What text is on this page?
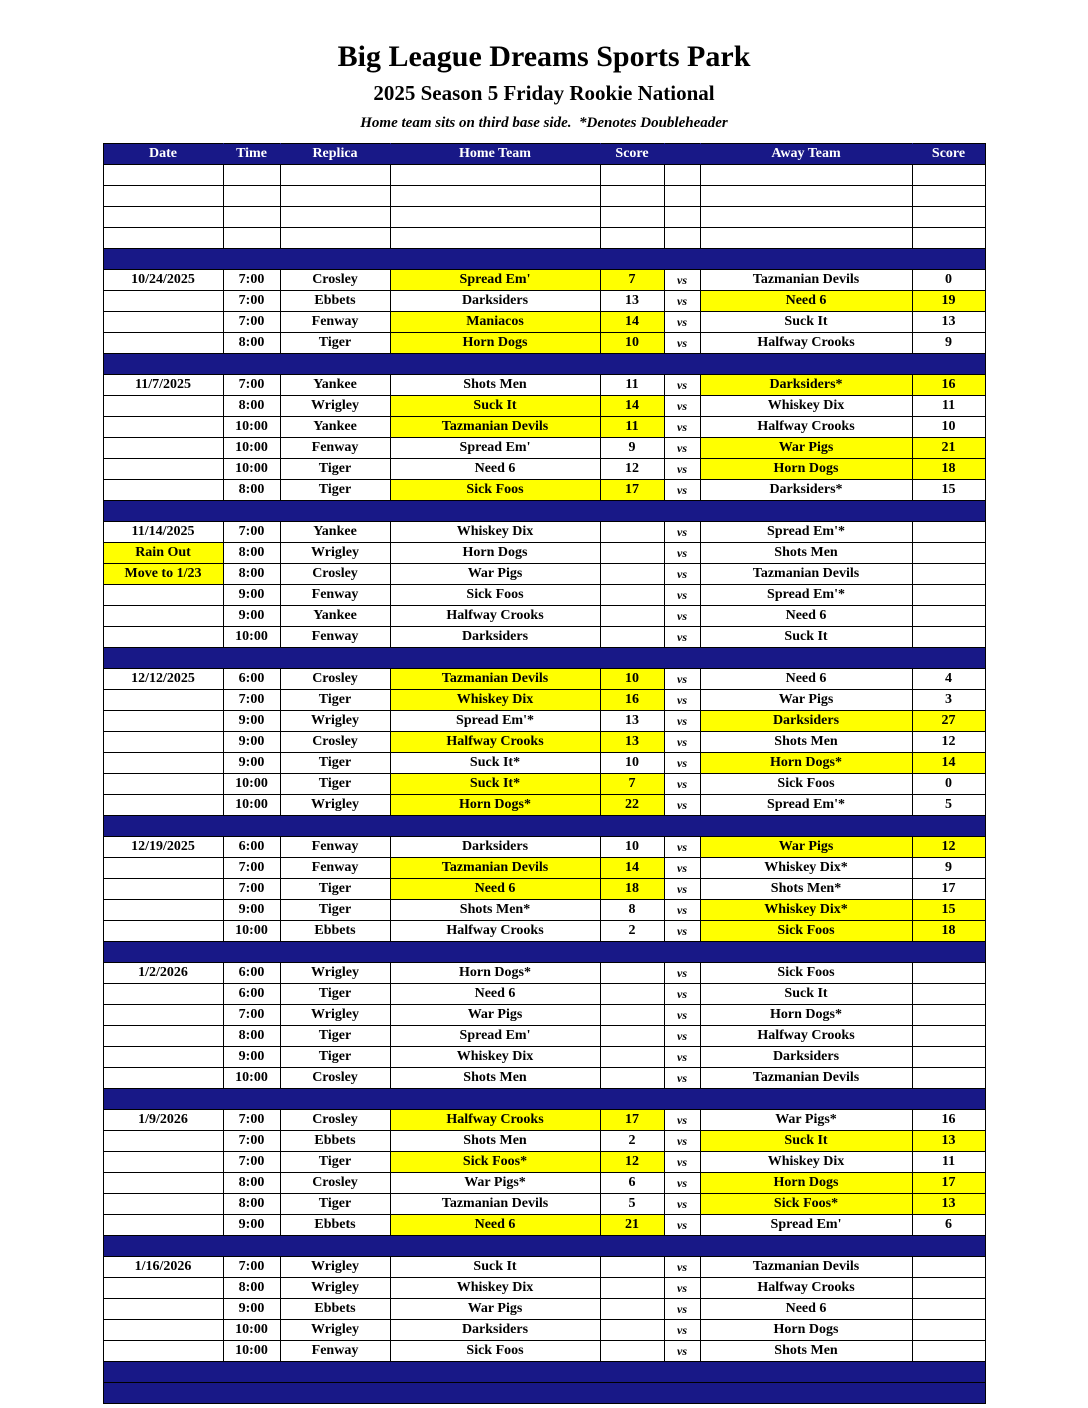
Big League Dreams Sports Park
2025 Season 5 Friday Rookie National
Home team sits on third base side.  *Denotes Doubleheader
Date	Time	Replica	Home Team	Score		Away Team	Score

10/24/2025	7:00	Crosley	Spread Em'	7	vs	Tazmanian Devils	0
	7:00	Ebbets	Darksiders	13	vs	Need 6	19
	7:00	Fenway	Maniacos	14	vs	Suck It	13
	8:00	Tiger	Horn Dogs	10	vs	Halfway Crooks	9

11/7/2025	7:00	Yankee	Shots Men	11	vs	Darksiders*	16
	8:00	Wrigley	Suck It	14	vs	Whiskey Dix	11
	10:00	Yankee	Tazmanian Devils	11	vs	Halfway Crooks	10
	10:00	Fenway	Spread Em'	9	vs	War Pigs	21
	10:00	Tiger	Need 6	12	vs	Horn Dogs	18
	8:00	Tiger	Sick Foos	17	vs	Darksiders*	15

11/14/2025	7:00	Yankee	Whiskey Dix		vs	Spread Em'*	
Rain Out	8:00	Wrigley	Horn Dogs		vs	Shots Men	
Move to 1/23	8:00	Crosley	War Pigs		vs	Tazmanian Devils	
	9:00	Fenway	Sick Foos		vs	Spread Em'*	
	9:00	Yankee	Halfway Crooks		vs	Need 6	
	10:00	Fenway	Darksiders		vs	Suck It	

12/12/2025	6:00	Crosley	Tazmanian Devils	10	vs	Need 6	4
	7:00	Tiger	Whiskey Dix	16	vs	War Pigs	3
	9:00	Wrigley	Spread Em'*	13	vs	Darksiders	27
	9:00	Crosley	Halfway Crooks	13	vs	Shots Men	12
	9:00	Tiger	Suck It*	10	vs	Horn Dogs*	14
	10:00	Tiger	Suck It*	7	vs	Sick Foos	0
	10:00	Wrigley	Horn Dogs*	22	vs	Spread Em'*	5

12/19/2025	6:00	Fenway	Darksiders	10	vs	War Pigs	12
	7:00	Fenway	Tazmanian Devils	14	vs	Whiskey Dix*	9
	7:00	Tiger	Need 6	18	vs	Shots Men*	17
	9:00	Tiger	Shots Men*	8	vs	Whiskey Dix*	15
	10:00	Ebbets	Halfway Crooks	2	vs	Sick Foos	18

1/2/2026	6:00	Wrigley	Horn Dogs*		vs	Sick Foos	
	6:00	Tiger	Need 6		vs	Suck It	
	7:00	Wrigley	War Pigs		vs	Horn Dogs*	
	8:00	Tiger	Spread Em'		vs	Halfway Crooks	
	9:00	Tiger	Whiskey Dix		vs	Darksiders	
	10:00	Crosley	Shots Men		vs	Tazmanian Devils	

1/9/2026	7:00	Crosley	Halfway Crooks	17	vs	War Pigs*	16
	7:00	Ebbets	Shots Men	2	vs	Suck It	13
	7:00	Tiger	Sick Foos*	12	vs	Whiskey Dix	11
	8:00	Crosley	War Pigs*	6	vs	Horn Dogs	17
	8:00	Tiger	Tazmanian Devils	5	vs	Sick Foos*	13
	9:00	Ebbets	Need 6	21	vs	Spread Em'	6

1/16/2026	7:00	Wrigley	Suck It		vs	Tazmanian Devils	
	8:00	Wrigley	Whiskey Dix		vs	Halfway Crooks	
	9:00	Ebbets	War Pigs		vs	Need 6	
	10:00	Wrigley	Darksiders		vs	Horn Dogs	
	10:00	Fenway	Sick Foos		vs	Shots Men	
